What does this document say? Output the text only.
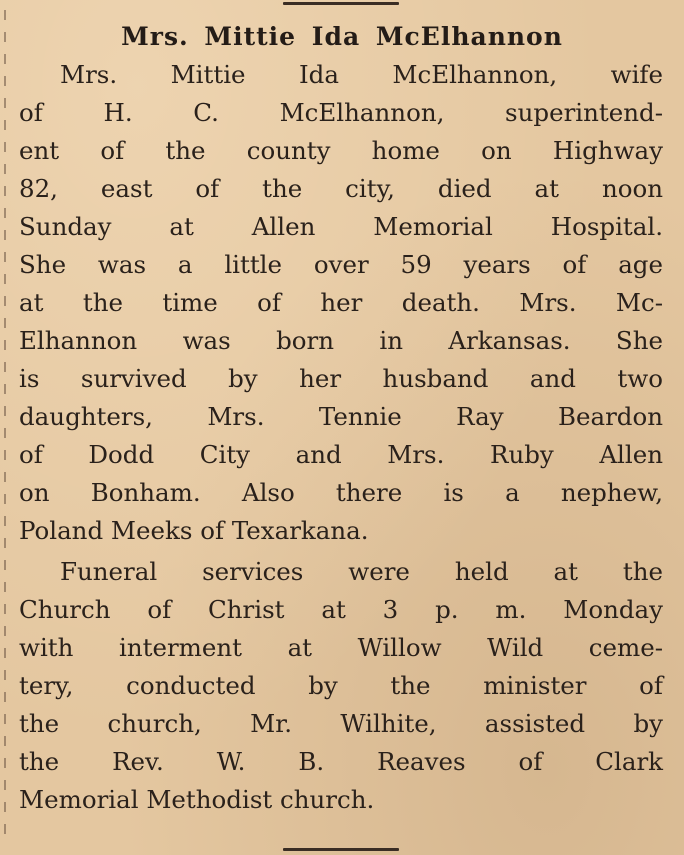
Mrs. Mittie Ida McElhannon
Mrs. Mittie Ida McElhannon, wife
of H. C. McElhannon, superintend-
ent of the county home on Highway
82, east of the city, died at noon
Sunday at Allen Memorial Hospital.
She was a little over 59 years of age
at the time of her death. Mrs. Mc-
Elhannon was born in Arkansas. She
is survived by her husband and two
daughters, Mrs. Tennie Ray Beardon
of Dodd City and Mrs. Ruby Allen
on Bonham. Also there is a nephew,
Poland Meeks of Texarkana.
Funeral services were held at the
Church of Christ at 3 p. m. Monday
with interment at Willow Wild ceme-
tery, conducted by the minister of
the church, Mr. Wilhite, assisted by
the Rev. W. B. Reaves of Clark
Memorial Methodist church.
